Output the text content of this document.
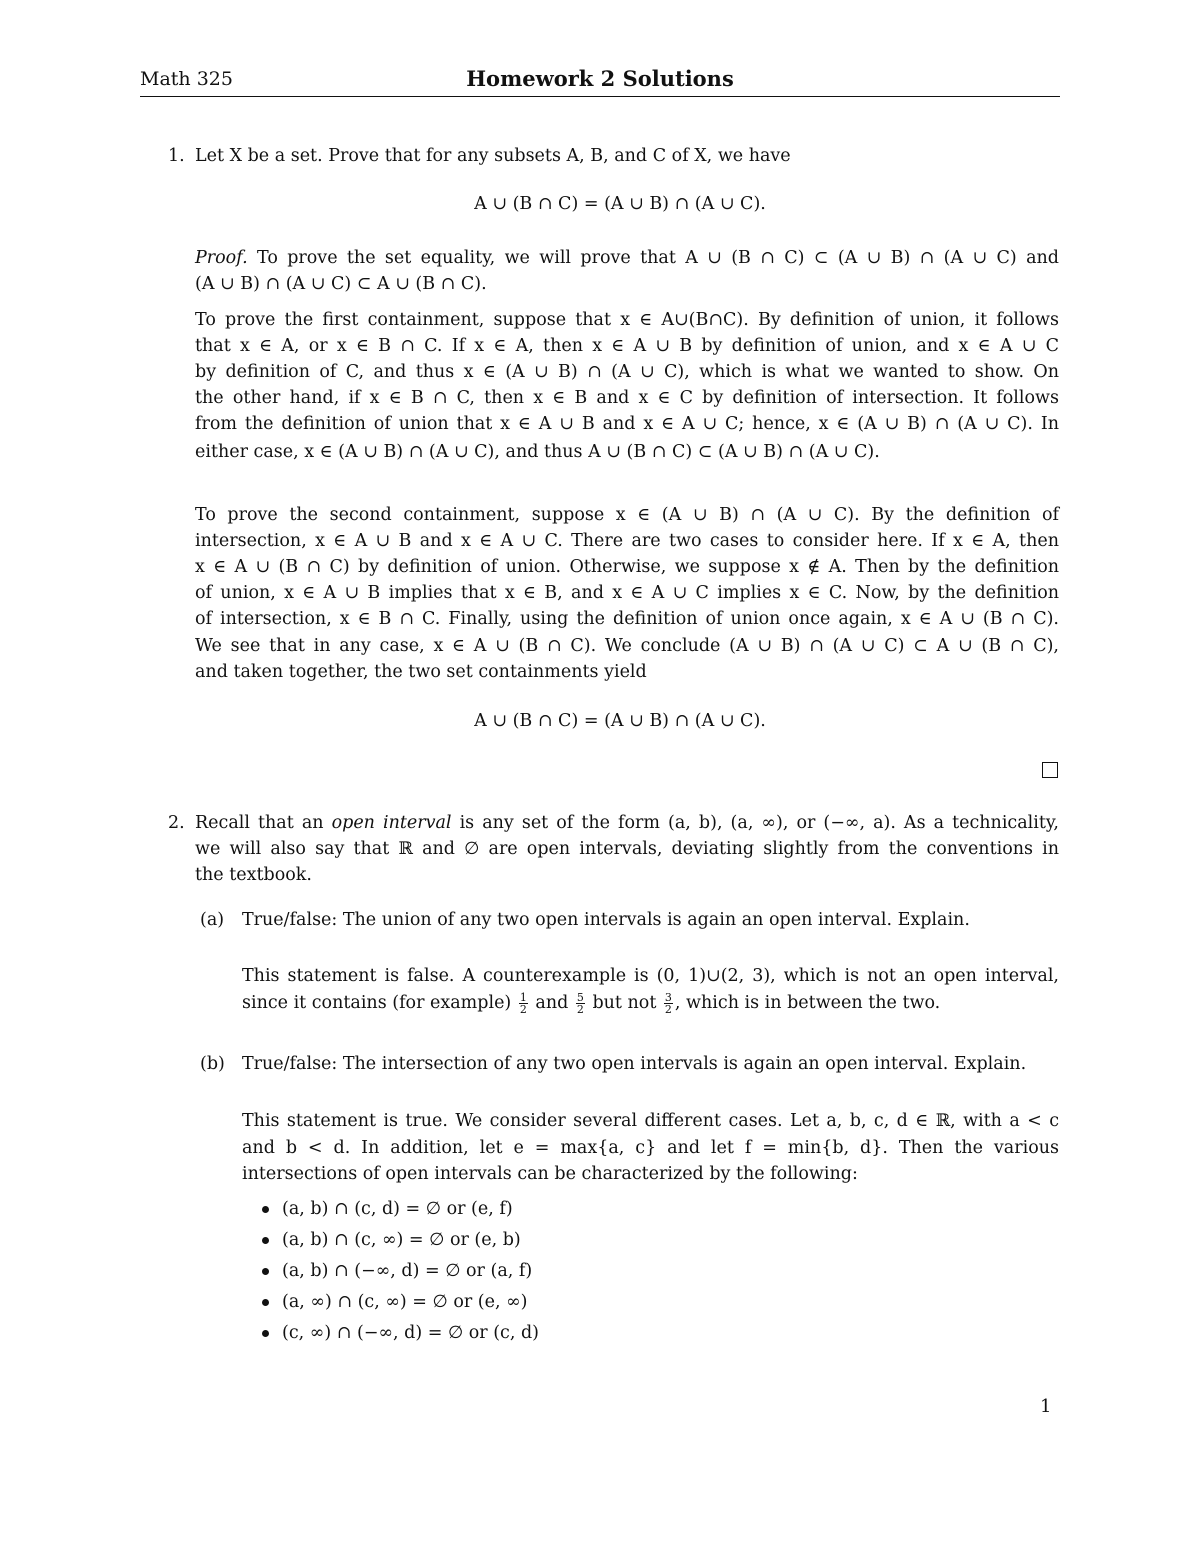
Math 325	Homework 2 Solutions
1. Let X be a set. Prove that for any subsets A, B, and C of X, we have
A ∪ (B ∩ C) = (A ∪ B) ∩ (A ∪ C).
Proof. To prove the set equality, we will prove that A ∪ (B ∩ C) ⊂ (A ∪ B) ∩ (A ∪ C) and
(A ∪ B) ∩ (A ∪ C) ⊂ A ∪ (B ∩ C).
To prove the first containment, suppose that x ∈ A∪(B∩C). By definition of union, it follows
that x ∈ A, or x ∈ B ∩ C. If x ∈ A, then x ∈ A ∪ B by definition of union, and x ∈ A ∪ C
by definition of C, and thus x ∈ (A ∪ B) ∩ (A ∪ C), which is what we wanted to show. On
the other hand, if x ∈ B ∩ C, then x ∈ B and x ∈ C by definition of intersection. It follows
from the definition of union that x ∈ A ∪ B and x ∈ A ∪ C; hence, x ∈ (A ∪ B) ∩ (A ∪ C). In
either case, x ∈ (A ∪ B) ∩ (A ∪ C), and thus A ∪ (B ∩ C) ⊂ (A ∪ B) ∩ (A ∪ C).
To prove the second containment, suppose x ∈ (A ∪ B) ∩ (A ∪ C). By the definition of
intersection, x ∈ A ∪ B and x ∈ A ∪ C. There are two cases to consider here. If x ∈ A, then
x ∈ A ∪ (B ∩ C) by definition of union. Otherwise, we suppose x ∉ A. Then by the definition
of union, x ∈ A ∪ B implies that x ∈ B, and x ∈ A ∪ C implies x ∈ C. Now, by the definition
of intersection, x ∈ B ∩ C. Finally, using the definition of union once again, x ∈ A ∪ (B ∩ C).
We see that in any case, x ∈ A ∪ (B ∩ C). We conclude (A ∪ B) ∩ (A ∪ C) ⊂ A ∪ (B ∩ C),
and taken together, the two set containments yield
A ∪ (B ∩ C) = (A ∪ B) ∩ (A ∪ C).
2. Recall that an open interval is any set of the form (a, b), (a, ∞), or (−∞, a). As a technicality,
we will also say that ℝ and ∅ are open intervals, deviating slightly from the conventions in
the textbook.
(a) True/false: The union of any two open intervals is again an open interval. Explain.
This statement is false. A counterexample is (0, 1)∪(2, 3), which is not an open interval,
since it contains (for example) $\frac{1}{2}$ and $\frac{5}{2}$ but not $\frac{3}{2}$ , which is in between the two.
(b) True/false: The intersection of any two open intervals is again an open interval. Explain.
This statement is true. We consider several different cases. Let a, b, c, d ∈ ℝ, with a < c
and b < d. In addition, let e = max{a, c} and let f = min{b, d}. Then the various
intersections of open intervals can be characterized by the following:
(a, b) ∩ (c, d) = ∅ or (e, f)
(a, b) ∩ (c, ∞) = ∅ or (e, b)
(a, b) ∩ (−∞, d) = ∅ or (a, f)
(a, ∞) ∩ (c, ∞) = ∅ or (e, ∞)
(c, ∞) ∩ (−∞, d) = ∅ or (c, d)
1
